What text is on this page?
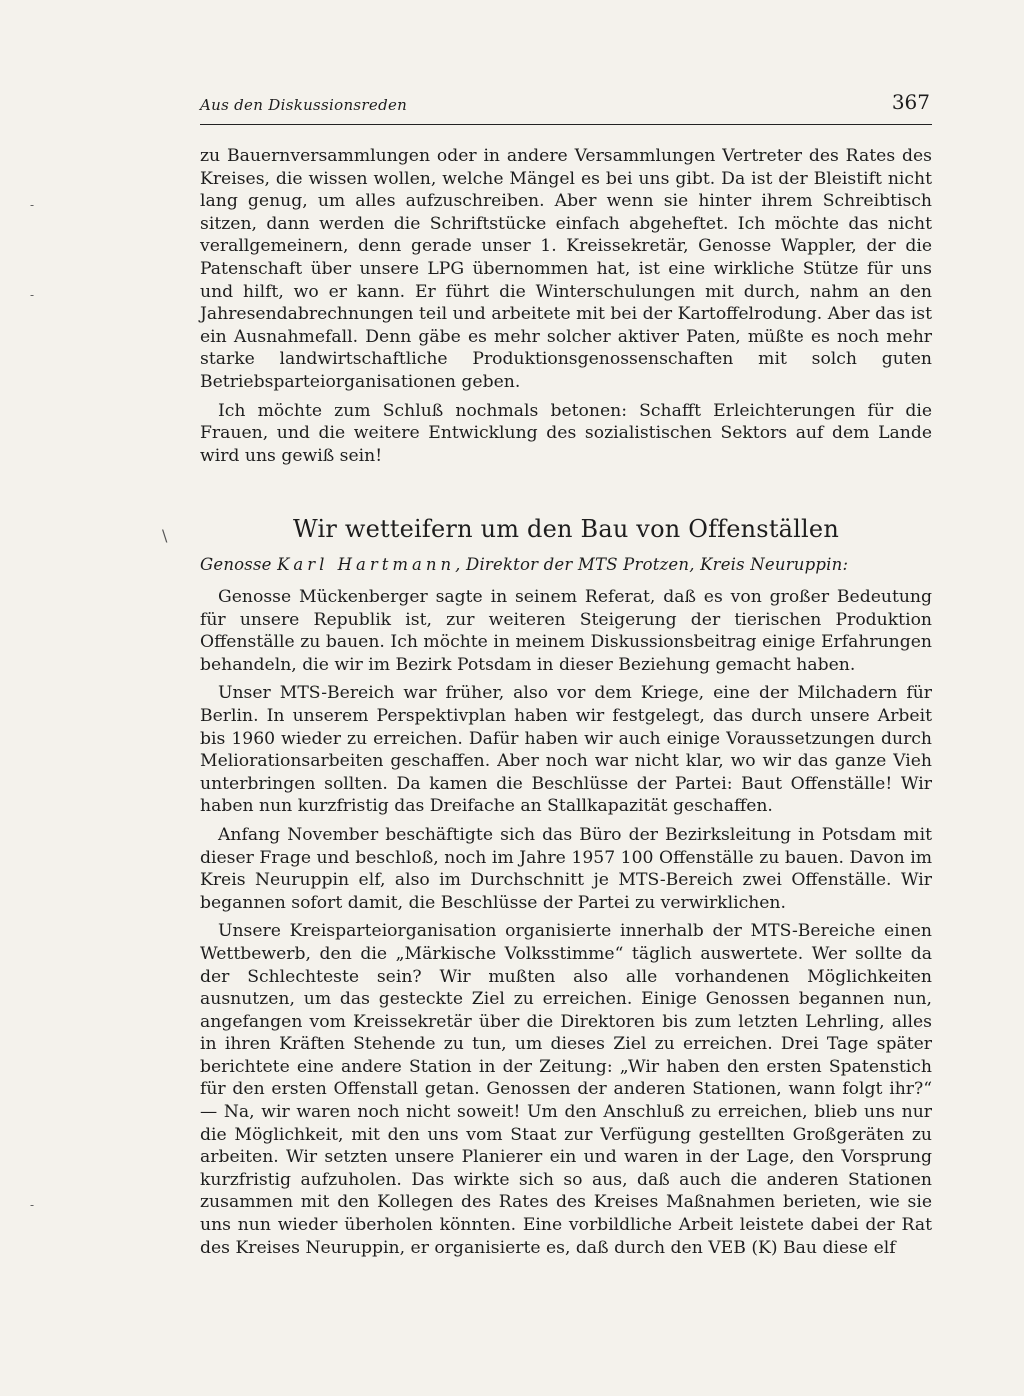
Aus den Diskussionsreden	367

zu Bauernversammlungen oder in andere Versammlungen Vertreter des Rates des Kreises, die wissen wollen, welche Mängel es bei uns gibt. Da ist der Bleistift nicht lang genug, um alles aufzuschreiben. Aber wenn sie hinter ihrem Schreibtisch sitzen, dann werden die Schriftstücke einfach abgeheftet. Ich möchte das nicht verallgemeinern, denn gerade unser 1. Kreissekretär, Genosse Wappler, der die Patenschaft über unsere LPG übernommen hat, ist eine wirkliche Stütze für uns und hilft, wo er kann. Er führt die Winterschulungen mit durch, nahm an den Jahresendabrechnungen teil und arbeitete mit bei der Kartoffelrodung. Aber das ist ein Ausnahmefall. Denn gäbe es mehr solcher aktiver Paten, müßte es noch mehr starke landwirtschaftliche Produktionsgenossenschaften mit solch guten Betriebsparteiorganisationen geben.

Ich möchte zum Schluß nochmals betonen: Schafft Erleichterungen für die Frauen, und die weitere Entwicklung des sozialistischen Sektors auf dem Lande wird uns gewiß sein!

Wir wetteifern um den Bau von Offenställen
Genosse Karl Hartmann, Direktor der MTS Protzen, Kreis Neuruppin:

Genosse Mückenberger sagte in seinem Referat, daß es von großer Bedeutung für unsere Republik ist, zur weiteren Steigerung der tierischen Produktion Offenställe zu bauen. Ich möchte in meinem Diskussionsbeitrag einige Erfahrungen behandeln, die wir im Bezirk Potsdam in dieser Beziehung gemacht haben.

Unser MTS-Bereich war früher, also vor dem Kriege, eine der Milchadern für Berlin. In unserem Perspektivplan haben wir festgelegt, das durch unsere Arbeit bis 1960 wieder zu erreichen. Dafür haben wir auch einige Voraussetzungen durch Meliorationsarbeiten geschaffen. Aber noch war nicht klar, wo wir das ganze Vieh unterbringen sollten. Da kamen die Beschlüsse der Partei: Baut Offenställe! Wir haben nun kurzfristig das Dreifache an Stallkapazität geschaffen.

Anfang November beschäftigte sich das Büro der Bezirksleitung in Potsdam mit dieser Frage und beschloß, noch im Jahre 1957 100 Offenställe zu bauen. Davon im Kreis Neuruppin elf, also im Durchschnitt je MTS-Bereich zwei Offenställe. Wir begannen sofort damit, die Beschlüsse der Partei zu verwirklichen.

Unsere Kreisparteiorganisation organisierte innerhalb der MTS-Bereiche einen Wettbewerb, den die „Märkische Volksstimme“ täglich auswertete. Wer sollte da der Schlechteste sein? Wir mußten also alle vorhandenen Möglichkeiten ausnutzen, um das gesteckte Ziel zu erreichen. Einige Genossen begannen nun, angefangen vom Kreissekretär über die Direktoren bis zum letzten Lehrling, alles in ihren Kräften Stehende zu tun, um dieses Ziel zu erreichen. Drei Tage später berichtete eine andere Station in der Zeitung: „Wir haben den ersten Spatenstich für den ersten Offenstall getan. Genossen der anderen Stationen, wann folgt ihr?“ — Na, wir waren noch nicht soweit! Um den Anschluß zu erreichen, blieb uns nur die Möglichkeit, mit den uns vom Staat zur Verfügung gestellten Großgeräten zu arbeiten. Wir setzten unsere Planierer ein und waren in der Lage, den Vorsprung kurzfristig aufzuholen. Das wirkte sich so aus, daß auch die anderen Stationen zusammen mit den Kollegen des Rates des Kreises Maßnahmen berieten, wie sie uns nun wieder überholen könnten. Eine vorbildliche Arbeit leistete dabei der Rat des Kreises Neuruppin, er organisierte es, daß durch den VEB (K) Bau diese elf

-
-
\
-
